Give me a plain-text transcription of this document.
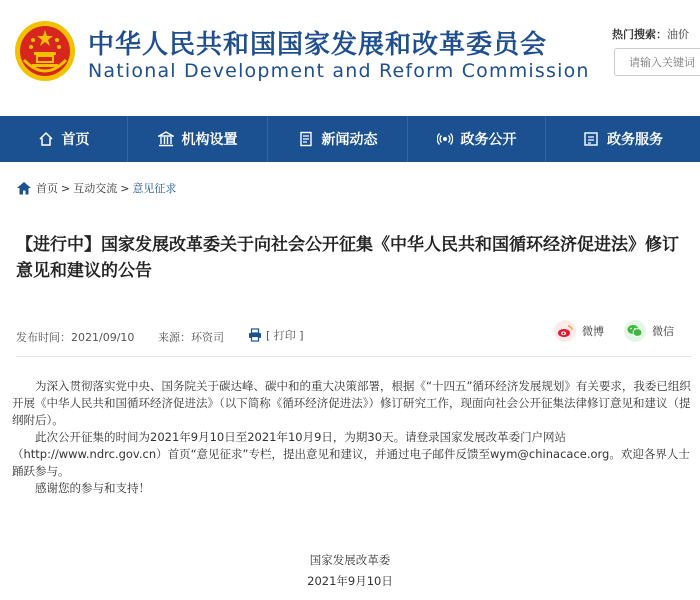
中华人民共和国国家发展和改革委员会
National Development and Reform Commission
热门搜索：油价
请输入关键词
首页	机构设置	新闻动态	政务公开	政务服务
首页 > 互动交流 > 意见征求
【进行中】国家发展改革委关于向社会公开征集《中华人民共和国循环经济促进法》修订意见和建议的公告
发布时间：2021/09/10 来源：环资司	[ 打印 ]	微博	微信

为深入贯彻落实党中央、国务院关于碳达峰、碳中和的重大决策部署，根据《“十四五”循环经济发展规划》有关要求，我委已组织开展《中华人民共和国循环经济促进法》（以下简称《循环经济促进法》）修订研究工作，现面向社会公开征集法律修订意见和建议（提纲附后）。

此次公开征集的时间为2021年9月10日至2021年10月9日，为期30天。请登录国家发展改革委门户网站（http://www.ndrc.gov.cn）首页“意见征求”专栏，提出意见和建议，并通过电子邮件反馈至wym@chinacace.org。欢迎各界人士踊跃参与。

感谢您的参与和支持！

国家发展改革委
2021年9月10日
